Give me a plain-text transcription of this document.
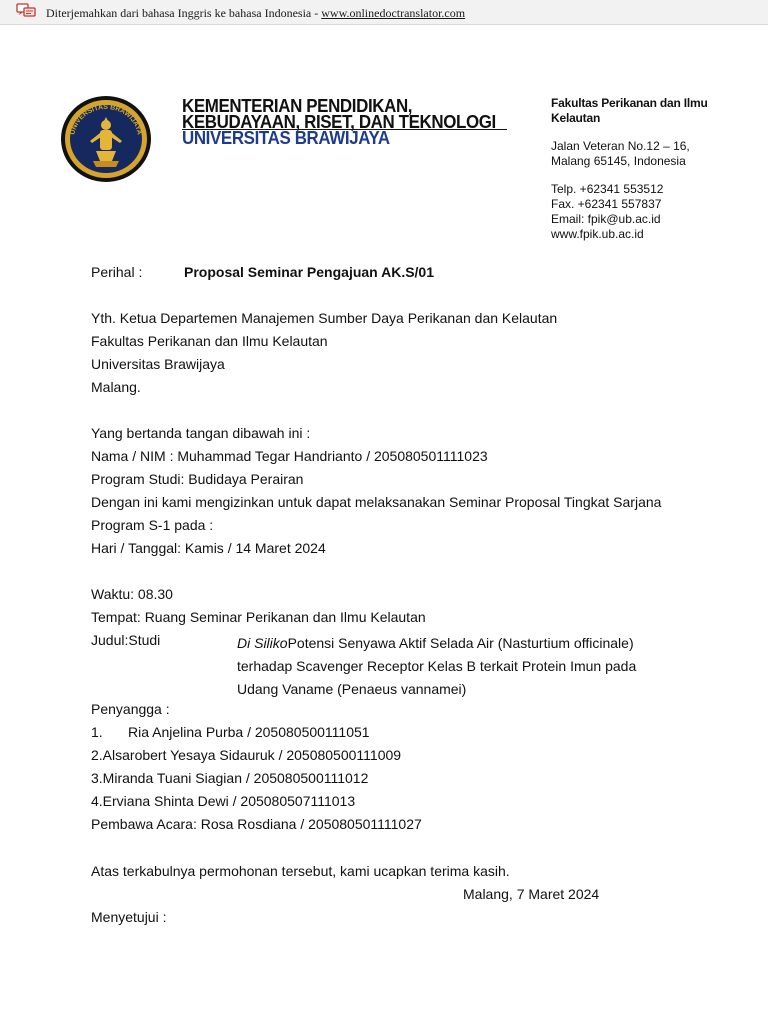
Diterjemahkan dari bahasa Inggris ke bahasa Indonesia - www.onlinedoctranslator.com
UNIVERSITAS BRAWIJAYA
KEMENTERIAN PENDIDIKAN,
KEBUDAYAAN, RISET, DAN TEKNOLOGI
UNIVERSITAS BRAWIJAYA
Fakultas Perikanan dan Ilmu Kelautan
Jalan Veteran No.12 – 16,
Malang 65145, Indonesia
Telp. +62341 553512
Fax. +62341 557837
Email: fpik@ub.ac.id
www.fpik.ub.ac.id
Perihal :	Proposal Seminar Pengajuan AK.S/01
Yth. Ketua Departemen Manajemen Sumber Daya Perikanan dan Kelautan
Fakultas Perikanan dan Ilmu Kelautan
Universitas Brawijaya
Malang.
Yang bertanda tangan dibawah ini :
Nama / NIM : Muhammad Tegar Handrianto / 205080501111023
Program Studi: Budidaya Perairan
Dengan ini kami mengizinkan untuk dapat melaksanakan Seminar Proposal Tingkat Sarjana
Program S-1 pada :
Hari / Tanggal: Kamis / 14 Maret 2024
Waktu: 08.30
Tempat: Ruang Seminar Perikanan dan Ilmu Kelautan
Judul:Studi	Di SilikoPotensi Senyawa Aktif Selada Air (Nasturtium officinale)
terhadap Scavenger Receptor Kelas B terkait Protein Imun pada
Udang Vaname (Penaeus vannamei)
Penyangga :
1. Ria Anjelina Purba / 205080500111051
2.Alsarobert Yesaya Sidauruk / 205080500111009
3.Miranda Tuani Siagian / 205080500111012
4.Erviana Shinta Dewi / 205080507111013
Pembawa Acara: Rosa Rosdiana / 205080501111027
Atas terkabulnya permohonan tersebut, kami ucapkan terima kasih.
Malang, 7 Maret 2024
Menyetujui :
